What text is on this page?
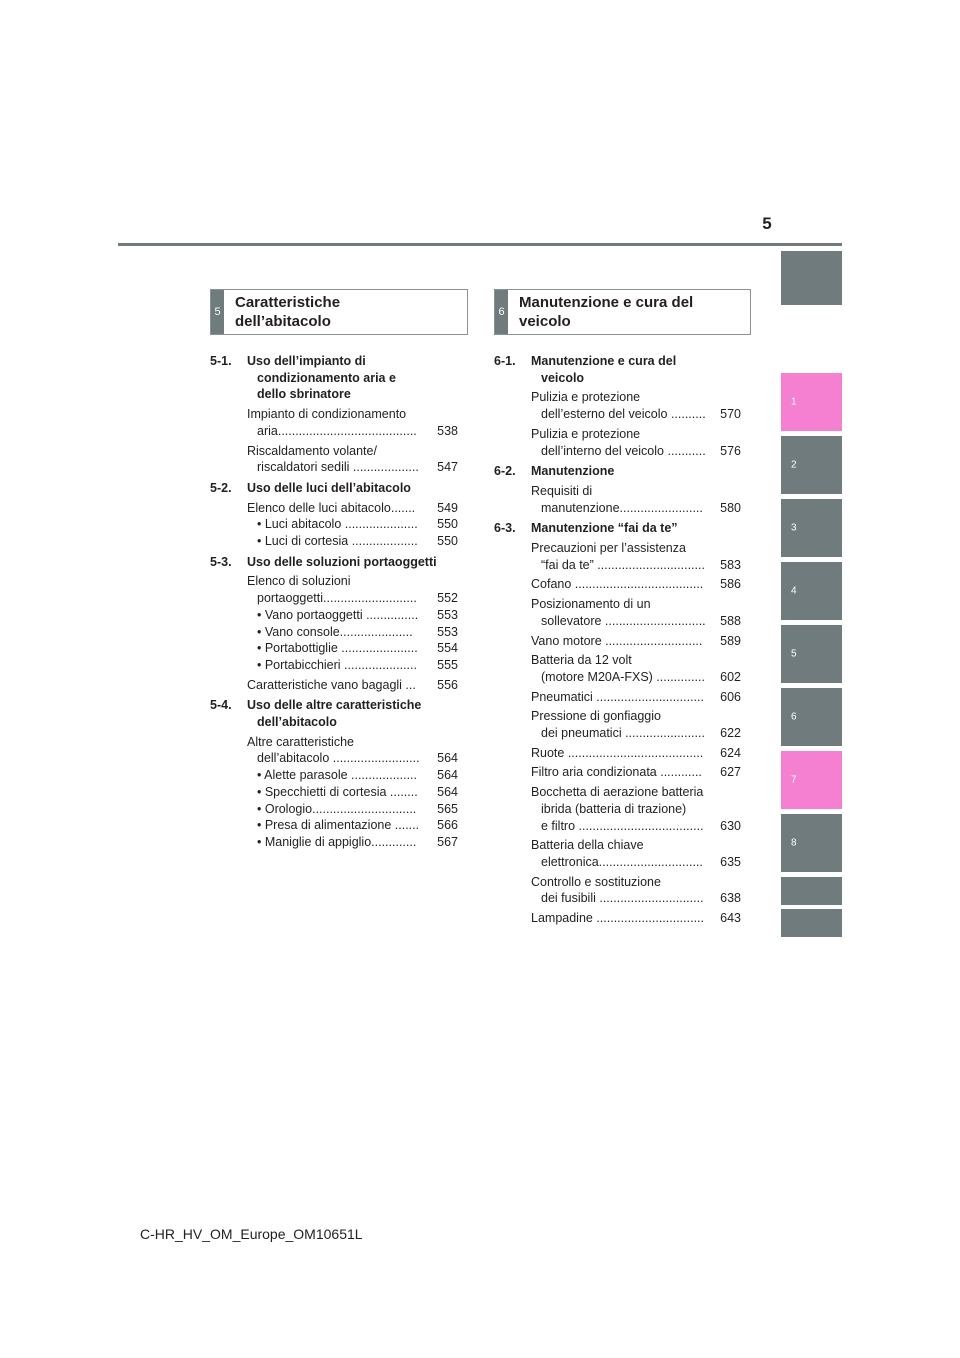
5
1
2
3
4
5
6
7
8
5
Caratteristiche
dell’abitacolo
6
Manutenzione e cura del
veicolo
5-1.	Uso dell’impianto di
condizionamento aria e
dello sbrinatore
Impianto di condizionamento
aria........................................	538
Riscaldamento volante/
riscaldatori sedili ...................	547
5-2.	Uso delle luci dell’abitacolo
Elenco delle luci abitacolo.......	549
• Luci abitacolo .....................	550
• Luci di cortesia ...................	550
5-3.	Uso delle soluzioni portaoggetti
Elenco di soluzioni
portaoggetti...........................	552
• Vano portaoggetti ...............	553
• Vano console.....................	553
• Portabottiglie ......................	554
• Portabicchieri .....................	555
Caratteristiche vano bagagli ...	556
5-4.	Uso delle altre caratteristiche
dell’abitacolo
Altre caratteristiche
dell’abitacolo .........................	564
• Alette parasole ...................	564
• Specchietti di cortesia ........	564
• Orologio..............................	565
• Presa di alimentazione .......	566
• Maniglie di appiglio.............	567
6-1.	Manutenzione e cura del
veicolo
Pulizia e protezione
dell’esterno del veicolo ..........	570
Pulizia e protezione
dell’interno del veicolo ...........	576
6-2.	Manutenzione
Requisiti di
manutenzione........................	580
6-3.	Manutenzione “fai da te”
Precauzioni per l’assistenza
“fai da te” ...............................	583
Cofano .....................................	586
Posizionamento di un
sollevatore .............................	588
Vano motore ............................	589
Batteria da 12 volt
(motore M20A-FXS) ..............	602
Pneumatici ...............................	606
Pressione di gonfiaggio
dei pneumatici .......................	622
Ruote .......................................	624
Filtro aria condizionata ............	627
Bocchetta di aerazione batteria
ibrida (batteria di trazione)
e filtro ....................................	630
Batteria della chiave
elettronica..............................	635
Controllo e sostituzione
dei fusibili ..............................	638
Lampadine ...............................	643
C-HR_HV_OM_Europe_OM10651L
